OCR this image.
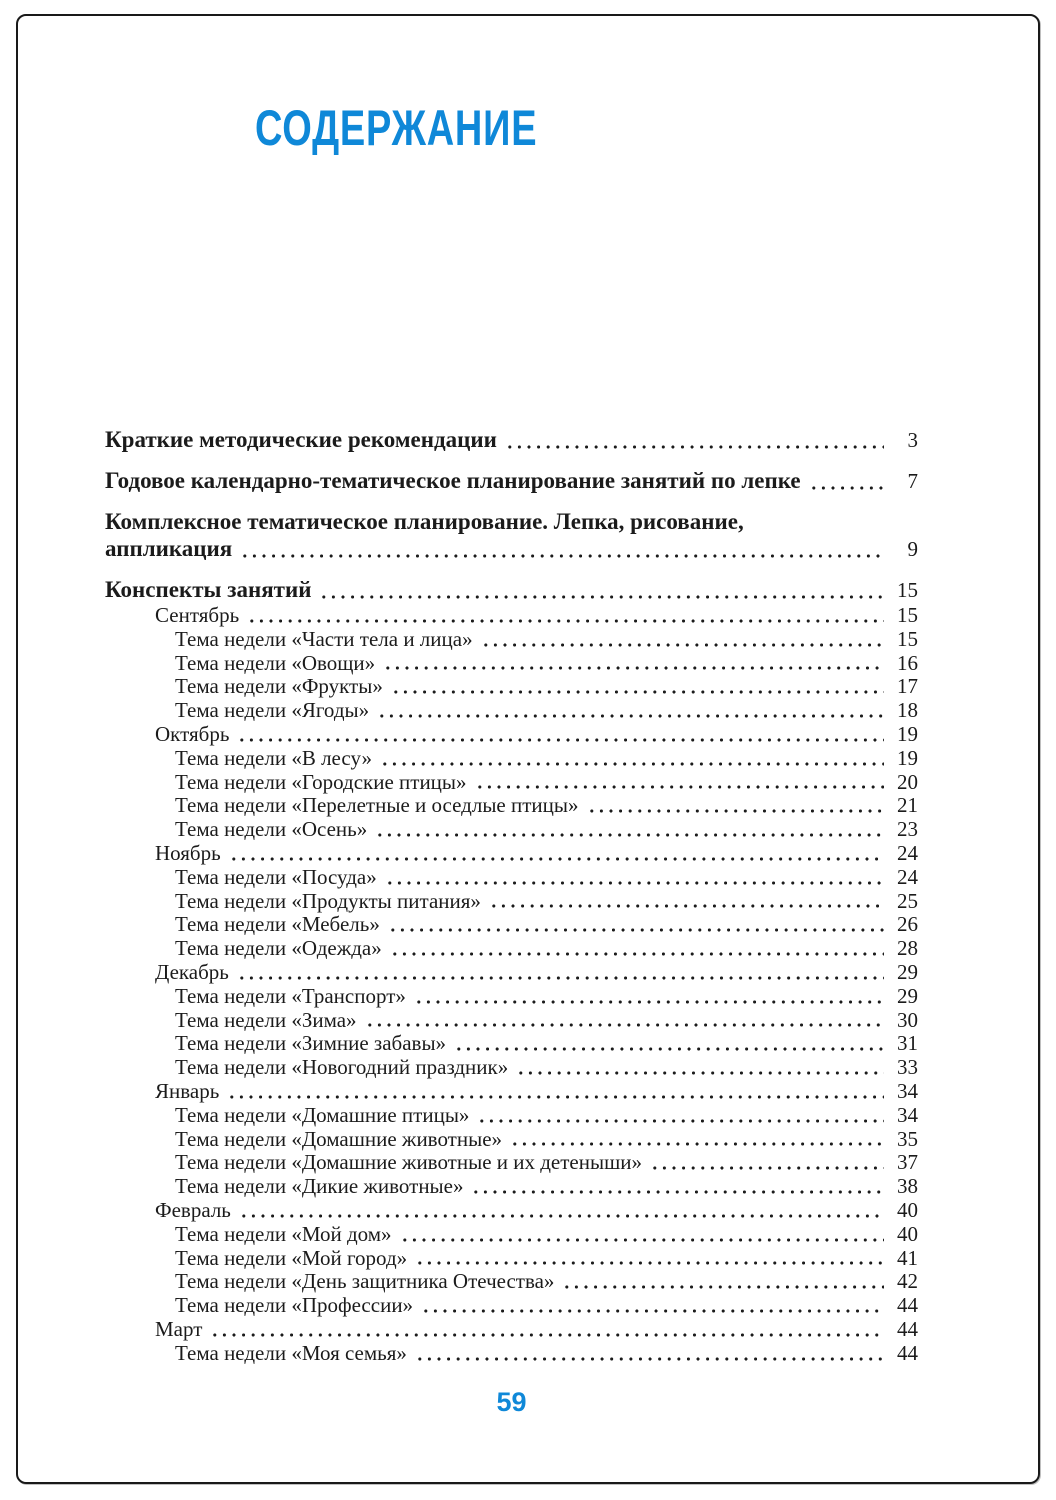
СОДЕРЖАНИЕ
Краткие методические рекомендации	3
Годовое календарно-тематическое планирование занятий по лепке	7
Комплексное тематическое планирование. Лепка, рисование,
аппликация	9
Конспекты занятий	15
Сентябрь	15
Тема недели «Части тела и лица»	15
Тема недели «Овощи»	16
Тема недели «Фрукты»	17
Тема недели «Ягоды»	18
Октябрь	19
Тема недели «В лесу»	19
Тема недели «Городские птицы»	20
Тема недели «Перелетные и оседлые птицы»	21
Тема недели «Осень»	23
Ноябрь	24
Тема недели «Посуда»	24
Тема недели «Продукты питания»	25
Тема недели «Мебель»	26
Тема недели «Одежда»	28
Декабрь	29
Тема недели «Транспорт»	29
Тема недели «Зима»	30
Тема недели «Зимние забавы»	31
Тема недели «Новогодний праздник»	33
Январь	34
Тема недели «Домашние птицы»	34
Тема недели «Домашние животные»	35
Тема недели «Домашние животные и их детеныши»	37
Тема недели «Дикие животные»	38
Февраль	40
Тема недели «Мой дом»	40
Тема недели «Мой город»	41
Тема недели «День защитника Отечества»	42
Тема недели «Профессии»	44
Март	44
Тема недели «Моя семья»	44
59
